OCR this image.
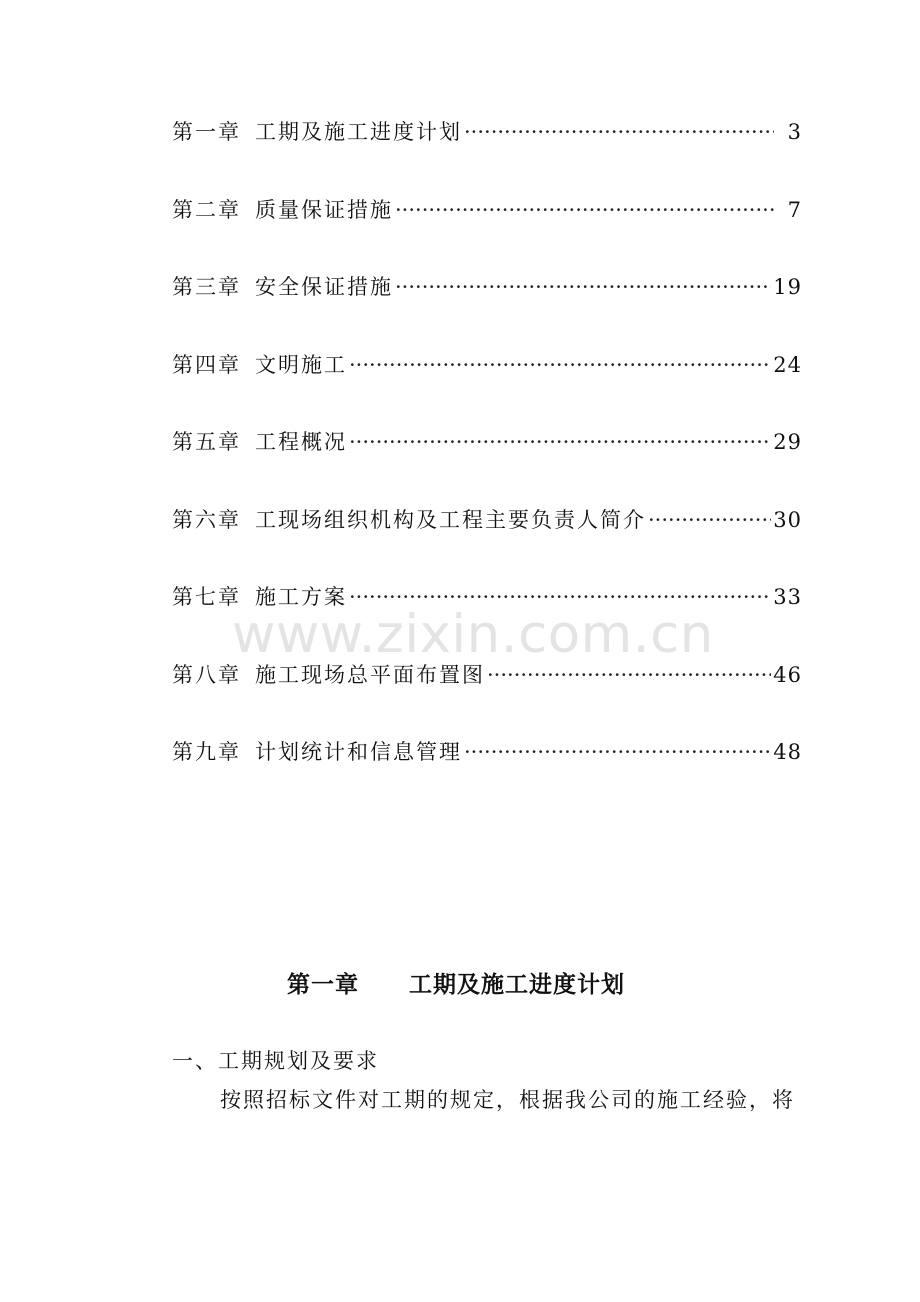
第一章 工期及施工进度计划 ·····	3
第二章 质量保证措施 ·····	7
第三章 安全保证措施 ·····	19
第四章 文明施工 ·····	24
第五章 工程概况 ·····	29
第六章 工现场组织机构及工程主要负责人简介 ·····	30
第七章 施工方案 ·····	33
第八章 施工现场总平面布置图 ·····	46
第九章 计划统计和信息管理 ·····	48
www.zixin.com.cn
第一章 工期及施工进度计划
一、工期规划及要求
按照招标文件对工期的规定，根据我公司的施工经验，将
